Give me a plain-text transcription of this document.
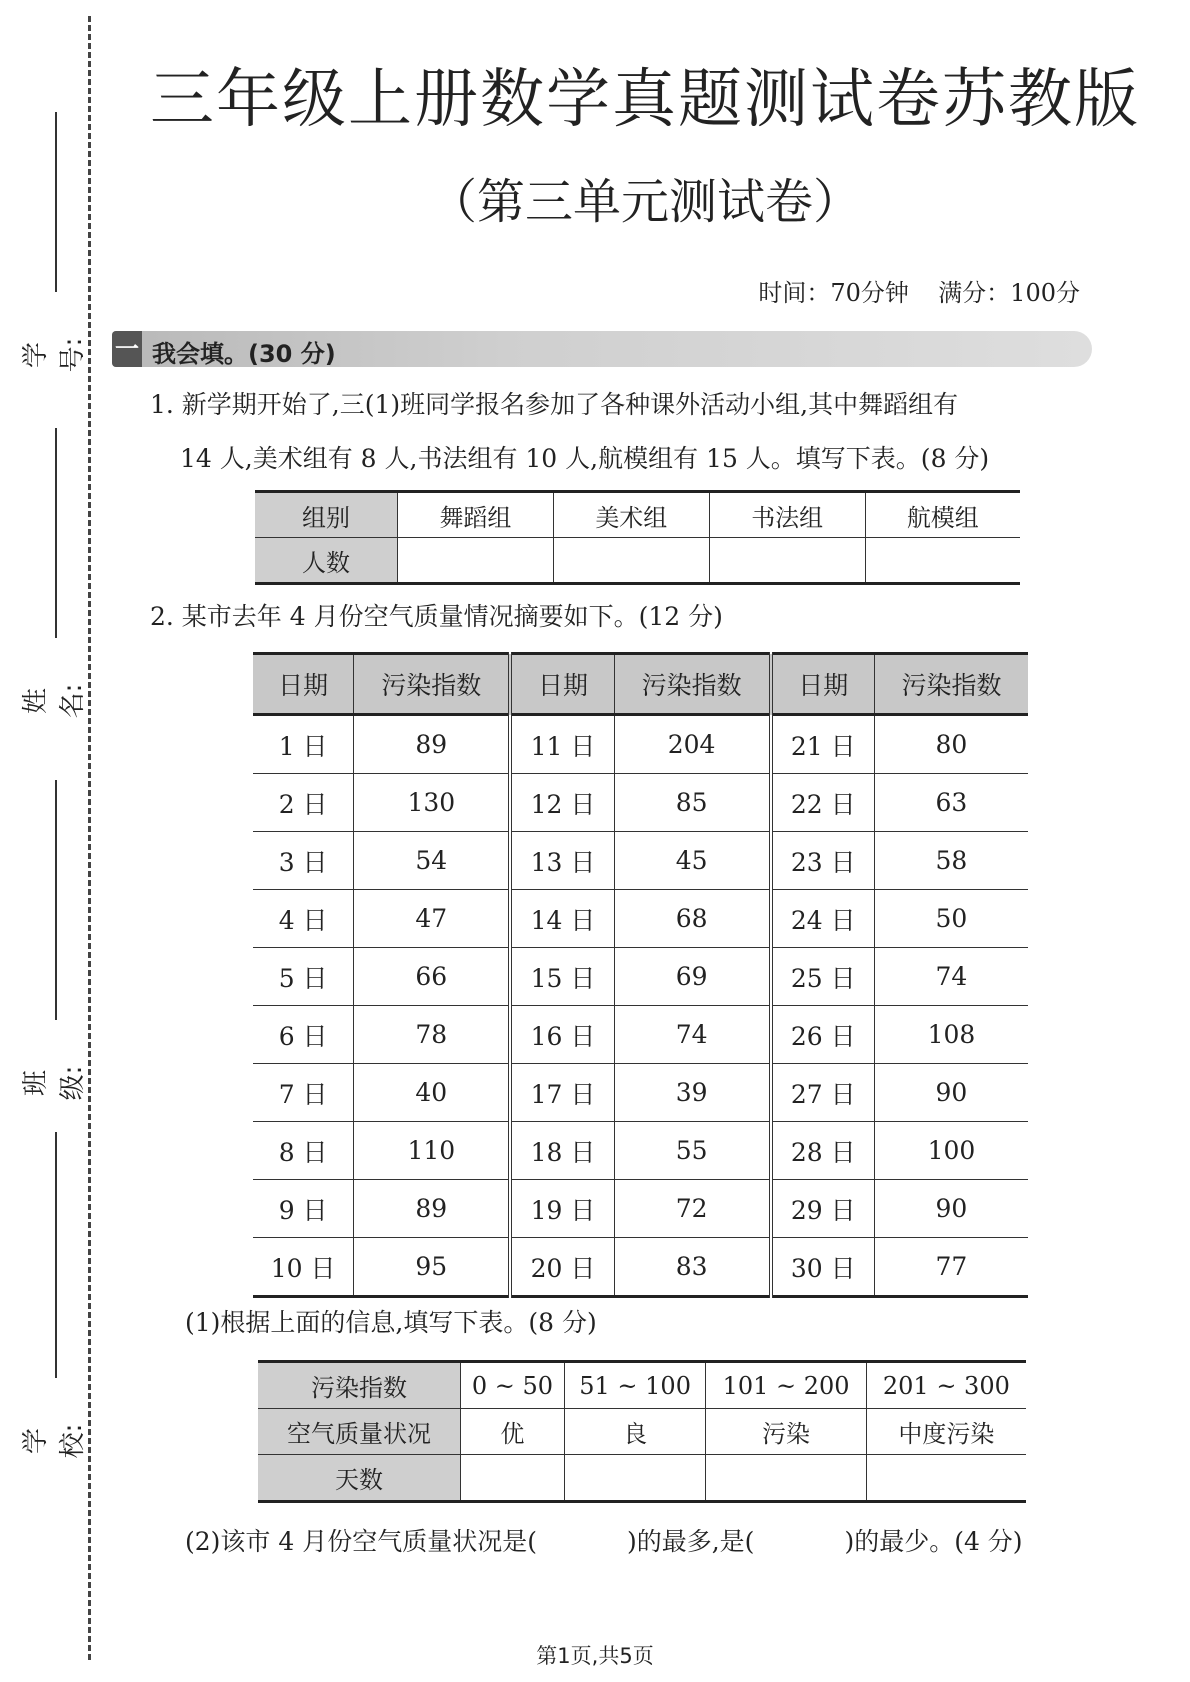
学号:
姓名:
班级:
学校:
三年级上册数学真题测试卷苏教版
（第三单元测试卷）
时间：70分钟 满分：100分
一 我会填。(30 分)
1. 新学期开始了,三(1)班同学报名参加了各种课外活动小组,其中舞蹈组有
14 人,美术组有 8 人,书法组有 10 人,航模组有 15 人。填写下表。(8 分)
组别	舞蹈组	美术组	书法组	航模组
人数				
2. 某市去年 4 月份空气质量情况摘要如下。(12 分)
日期	污染指数	日期	污染指数	日期	污染指数
1 日	89	11 日	204	21 日	80
2 日	130	12 日	85	22 日	63
3 日	54	13 日	45	23 日	58
4 日	47	14 日	68	24 日	50
5 日	66	15 日	69	25 日	74
6 日	78	16 日	74	26 日	108
7 日	40	17 日	39	27 日	90
8 日	110	18 日	55	28 日	100
9 日	89	19 日	72	29 日	90
10 日	95	20 日	83	30 日	77
(1)根据上面的信息,填写下表。(8 分)
污染指数	0 ~ 50	51 ~ 100	101 ~ 200	201 ~ 300
空气质量状况	优	良	污染	中度污染
天数				
(2)该市 4 月份空气质量状况是(	)的最多,是(	)的最少。(4 分)
第1页,共5页
